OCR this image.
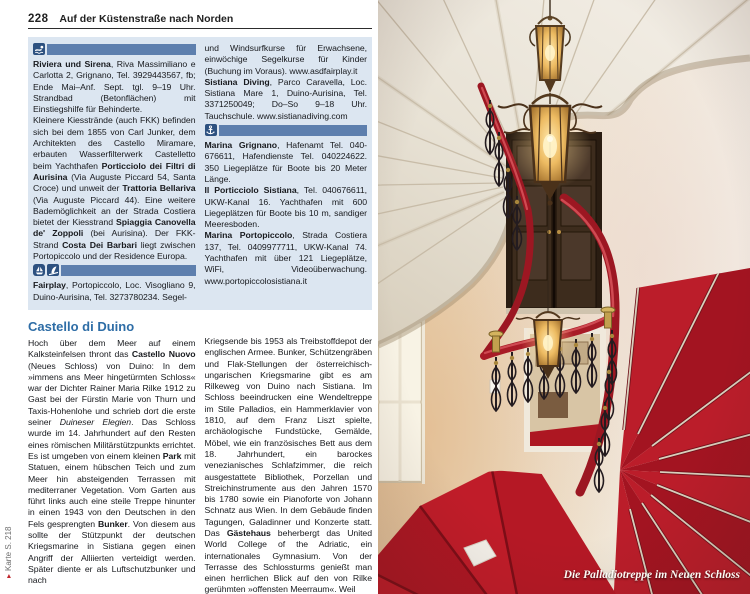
228 Auf der Küstenstraße nach Norden

Riviera und Sirena, Riva Massimiliano e Carlotta 2, Grignano, Tel. 3929443567, fb; Ende Mai–Anf. Sept. tgl. 9–19 Uhr. Strandbad (Betonflächen) mit Einstiegshilfe für Behinderte.

Kleinere Kiesstrände (auch FKK) befinden sich bei dem 1855 von Carl Junker, dem Architekten des Castello Miramare, erbauten Wasserfilterwerk Castelletto beim Yachthafen Porticciolo dei Filtri di Aurisina (Via Auguste Piccard 54, Santa Croce) und unweit der Trattoria Bellariva (Via Auguste Piccard 44). Eine weitere Bademöglichkeit an der Strada Costiera bietet der Kiesstrand Spiaggia Canovella de' Zoppoli (bei Aurisina). Der FKK-Strand Costa Dei Barbari liegt zwischen Portopiccolo und der Residence Europa.

Fairplay, Portopiccolo, Loc. Visogliano 9, Duino-Aurisina, Tel. 3273780234. Segel-

und Windsurfkurse für Erwachsene, einwöchige Segelkurse für Kinder (Buchung im Voraus). www.asdfairplay.it

Sistiana Diving, Parco Caravella, Loc. Sistiana Mare 1, Duino-Aurisina, Tel. 3371250049; Do–So 9–18 Uhr. Tauchschule. www.sistianadiving.com

Marina Grignano, Hafenamt Tel. 040-676611, Hafendienste Tel. 040224622. 350 Liegeplätze für Boote bis 20 Meter Länge.

Il Porticciolo Sistiana, Tel. 040676611, UKW-Kanal 16. Yachthafen mit 600 Liegeplätzen für Boote bis 10 m, sandiger Meeresboden.

Marina Portopiccolo, Strada Costiera 137, Tel. 0409977711, UKW-Kanal 74. Yachthafen mit über 121 Liegeplätze, WiFi, Videoüberwachung. www.portopiccolosistiana.it

Castello di Duino

Hoch über dem Meer auf einem Kalksteinfelsen thront das Castello Nuovo (Neues Schloss) von Duino: In dem »immens ans Meer hingetürmten Schloss« war der Dichter Rainer Maria Rilke 1912 zu Gast bei der Fürstin Marie von Thurn und Taxis-Hohenlohe und schrieb dort die erste seiner Duineser Elegien. Das Schloss wurde im 14. Jahrhundert auf den Resten eines römischen Militärstützpunkts errichtet. Es ist umgeben von einem kleinen Park mit Statuen, einem hübschen Teich und zum Meer hin absteigenden Terrassen mit mediterraner Vegetation. Vom Garten aus führt links auch eine steile Treppe hinunter in einen 1943 von den Deutschen in den Fels gesprengten Bunker. Von diesem aus sollte der Stützpunkt der deutschen Kriegsmarine in Sistiana gegen einen Angriff der Alliierten verteidigt werden. Später diente er als Luftschutzbunker und nach

Kriegsende bis 1953 als Treibstoffdepot der englischen Armee. Bunker, Schützengräben und Flak-Stellungen der österreichisch-ungarischen Kriegsmarine gibt es am Rilkeweg von Duino nach Sistiana. Im Schloss beeindrucken eine Wendeltreppe im Stile Palladios, ein Hammerklavier von 1810, auf dem Franz Liszt spielte, archäologische Fundstücke, Gemälde, Möbel, wie ein französisches Bett aus dem 18. Jahrhundert, ein barockes venezianisches Schlafzimmer, die reich ausgestattete Bibliothek, Porzellan und Streichinstrumente aus den Jahren 1570 bis 1780 sowie ein Pianoforte von Johann Schnatz aus Wien. In dem Gebäude finden Tagungen, Galadinner und Konzerte statt. Das Gästehaus beherbergt das United World College of the Adriatic, ein internationales Gymnasium. Von der Terrasse des Schlossturms genießt man einen herrlichen Blick auf den von Rilke gerühmten »offensten Meerraum«. Weil

▸Karte S. 218
Die Palladiotreppe im Neuen Schloss
